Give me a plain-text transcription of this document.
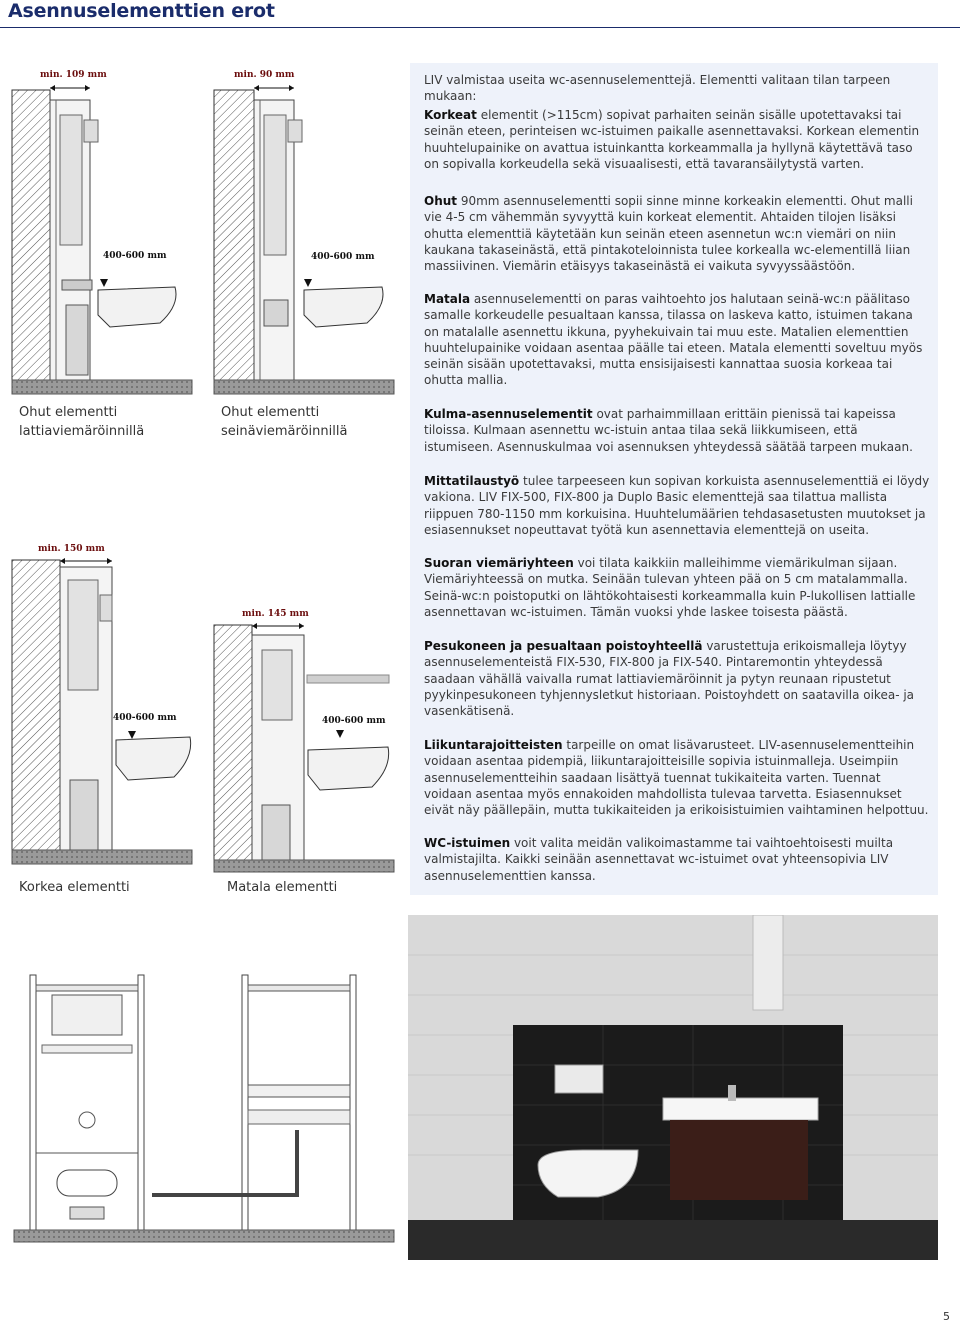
Asennuselementtien erot
LIV valmistaa useita wc-asennuselementtejä. Elementti valitaan tilan tarpeen mukaan:
Korkeat elementit (>115cm) sopivat parhaiten seinän sisälle upotettavaksi tai seinän eteen, perinteisen wc-istuimen paikalle asennettavaksi. Korkean elementin huuhtelupainike on avattua istuinkantta korkeammalla ja hyllynä käytettävä taso on sopivalla korkeudella sekä visuaalisesti, että tavaransäilytystä varten.
Ohut 90mm asennuselementti sopii sinne minne korkeakin elementti. Ohut malli vie 4-5 cm vähemmän syvyyttä kuin korkeat elementit. Ahtaiden tilojen lisäksi ohutta elementtiä käytetään kun seinän eteen asennetun wc:n viemäri on niin kaukana takaseinästä, että pintakoteloinnista tulee korkealla wc-elementillä liian massiivinen. Viemärin etäisyys takaseinästä ei vaikuta syvyyssäästöön.
Matala asennuselementti on paras vaihtoehto jos halutaan seinä-wc:n päälitaso samalle korkeudelle pesualtaan kanssa, tilassa on laskeva katto, istuimen takana on matalalle asennettu ikkuna, pyyhekuivain tai muu este. Matalien elementtien huuhtelupainike voidaan asentaa päälle tai eteen. Matala elementti soveltuu myös seinän sisään upotettavaksi, mutta ensisijaisesti kannattaa suosia korkeaa tai ohutta mallia.
Kulma-asennuselementit ovat parhaimmillaan erittäin pienissä tai kapeissa tiloissa. Kulmaan asennettu wc-istuin antaa tilaa sekä liikkumiseen, että istumiseen. Asennuskulmaa voi asennuksen yhteydessä säätää tarpeen mukaan.
Mittatilaustyö tulee tarpeeseen kun sopivan korkuista asennuselementtiä ei löydy vakiona. LIV FIX-500, FIX-800 ja Duplo Basic elementtejä saa tilattua mallista riippuen 780-1150 mm korkuisina. Huuhtelumäärien tehdasasetusten muutokset ja esiasennukset nopeuttavat työtä kun asennettavia elementtejä on useita.
Suoran viemäriyhteen voi tilata kaikkiin malleihimme viemärikulman sijaan. Viemäriyhteessä on mutka. Seinään tulevan yhteen pää on 5 cm matalammalla. Seinä-wc:n poistoputki on lähtökohtaisesti korkeammalla kuin P-lukollisen lattialle asennettavan wc-istuimen. Tämän vuoksi yhde laskee toisesta päästä.
Pesukoneen ja pesualtaan poistoyhteellä varustettuja erikoismalleja löytyy asennuselementeistä FIX-530, FIX-800 ja FIX-540. Pintaremontin yhteydessä saadaan vähällä vaivalla rumat lattiaviemäröinnit ja pytyn reunaan ripustetut pyykinpesukoneen tyhjennysletkut historiaan. Poistoyhdett on saatavilla oikea- ja vasenkätisenä.
Liikuntarajoitteisten tarpeille on omat lisävarusteet. LIV-asennuselementteihin voidaan asentaa pidempiä, liikuntarajoitteisille sopivia istuinmalleja. Useimpiin asennuselementteihin saadaan lisättyä tuennat tukikaiteita varten. Tuennat voidaan asentaa myös ennakoiden mahdollista tulevaa tarvetta. Esiasennukset eivät näy päällepäin, mutta tukikaiteiden ja erikoisistuimien vaihtaminen helpottuu.
WC-istuimen voit valita meidän valikoimastamme tai vaihtoehtoisesti muilta valmistajilta. Kaikki seinään asennettavat wc-istuimet ovat yhteensopivia LIV asennuselementtien kanssa.
min. 109 mm
400-600 mm
Ohut elementti
lattiaviemäröinnillä
min. 90 mm
400-600 mm
Ohut elementti
seinäviemäröinnillä
min. 150 mm
400-600 mm
Korkea elementti
min. 145 mm
400-600 mm
Matala elementti
5
